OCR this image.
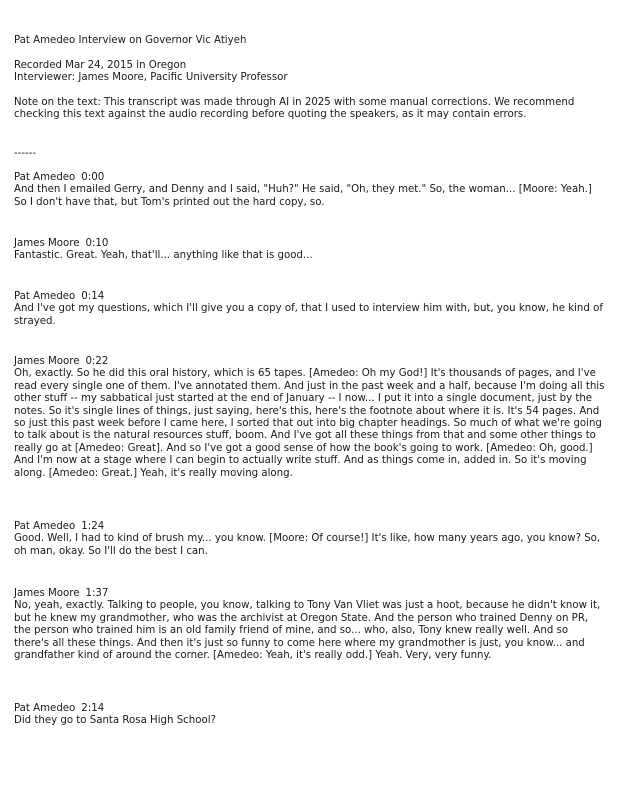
Pat Amedeo Interview on Governor Vic Atiyeh
Recorded Mar 24, 2015 in Oregon
Interviewer: James Moore, Pacific University Professor
Note on the text: This transcript was made through AI in 2025 with some manual corrections. We recommend checking this text against the audio recording before quoting the speakers, as it may contain errors.
------
Pat Amedeo 0:00
And then I emailed Gerry, and Denny and I said, "Huh?" He said, "Oh, they met." So, the woman... [Moore: Yeah.] So I don't have that, but Tom's printed out the hard copy, so.
James Moore 0:10
Fantastic. Great. Yeah, that'll... anything like that is good...
Pat Amedeo 0:14
And I've got my questions, which I'll give you a copy of, that I used to interview him with, but, you know, he kind of strayed.
James Moore 0:22
Oh, exactly. So he did this oral history, which is 65 tapes. [Amedeo: Oh my God!] It's thousands of pages, and I've read every single one of them. I've annotated them. And just in the past week and a half, because I'm doing all this other stuff -- my sabbatical just started at the end of January -- I now... I put it into a single document, just by the notes. So it's single lines of things, just saying, here's this, here's the footnote about where it is. It's 54 pages. And so just this past week before I came here, I sorted that out into big chapter headings. So much of what we're going to talk about is the natural resources stuff, boom. And I've got all these things from that and some other things to really go at [Amedeo: Great]. And so I've got a good sense of how the book's going to work. [Amedeo: Oh, good.] And I'm now at a stage where I can begin to actually write stuff. And as things come in, added in. So it's moving along. [Amedeo: Great.] Yeah, it's really moving along.
Pat Amedeo 1:24
Good. Well, I had to kind of brush my... you know. [Moore: Of course!] It's like, how many years ago, you know? So, oh man, okay. So I'll do the best I can.
James Moore 1:37
No, yeah, exactly. Talking to people, you know, talking to Tony Van Vliet was just a hoot, because he didn't know it, but he knew my grandmother, who was the archivist at Oregon State. And the person who trained Denny on PR, the person who trained him is an old family friend of mine, and so... who, also, Tony knew really well. And so there's all these things. And then it's just so funny to come here where my grandmother is just, you know... and grandfather kind of around the corner. [Amedeo: Yeah, it's really odd.] Yeah. Very, very funny.
Pat Amedeo 2:14
Did they go to Santa Rosa High School?
